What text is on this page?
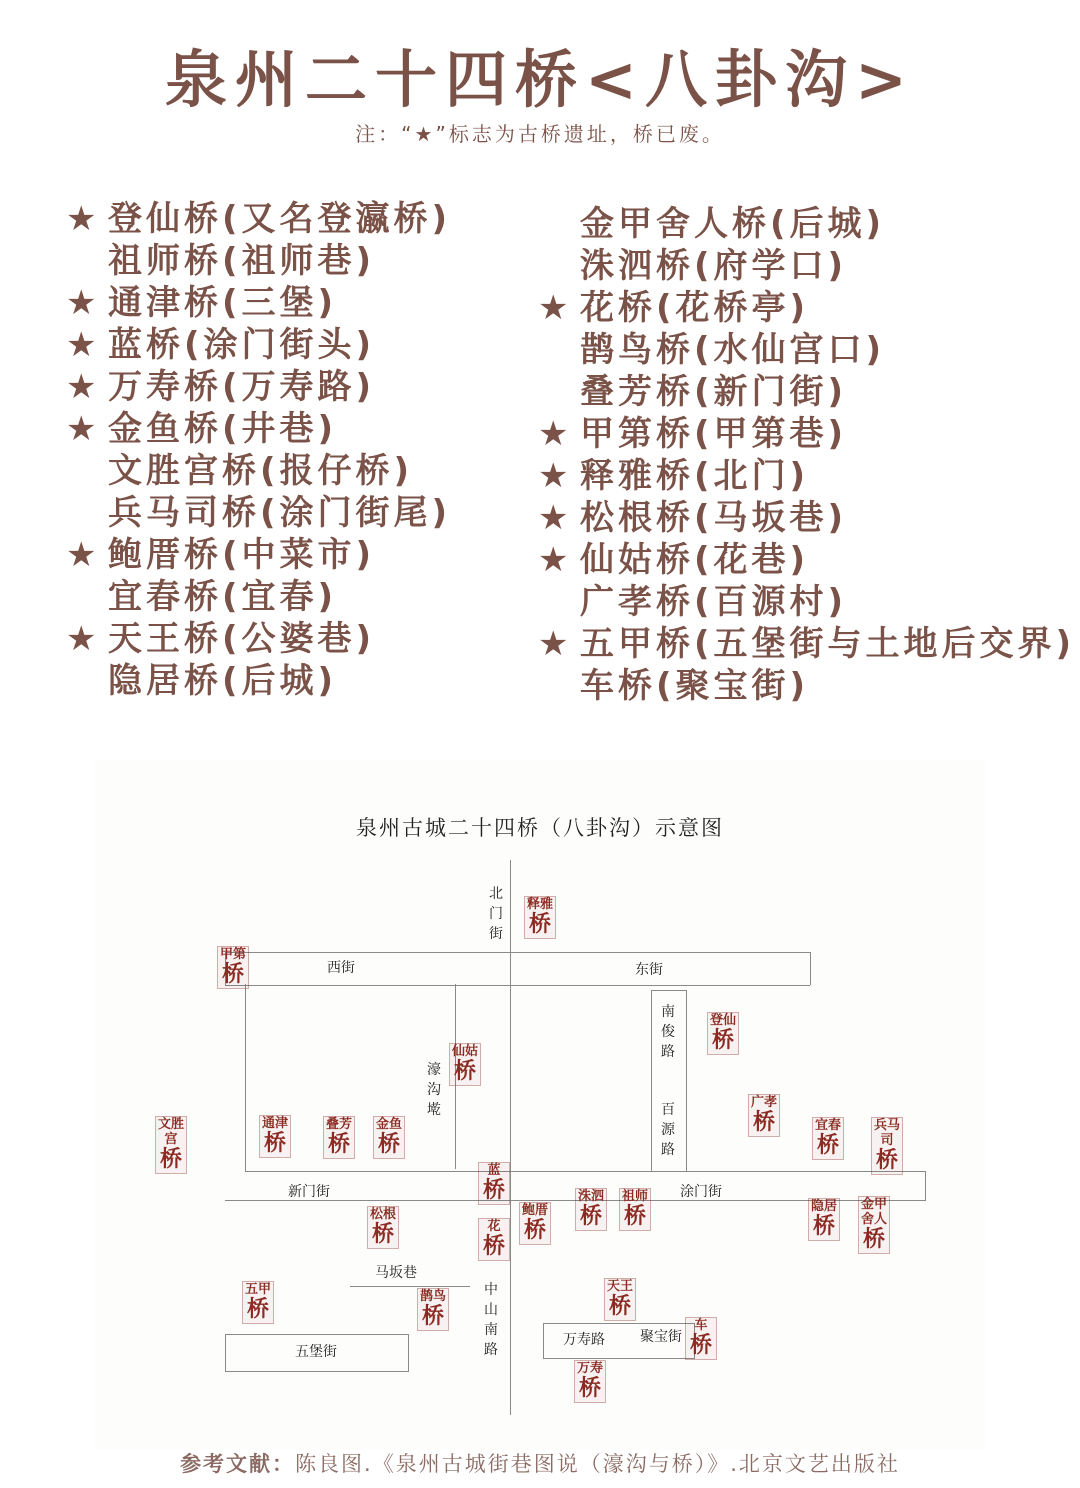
泉州二十四桥<八卦沟>
注：“★”标志为古桥遗址，桥已废。
★ 登仙桥(又名登瀛桥)
祖师桥(祖师巷)
★ 通津桥(三堡)
★ 蓝桥(涂门街头)
★ 万寿桥(万寿路)
★ 金鱼桥(井巷)
文胜宫桥(报仔桥)
兵马司桥(涂门街尾)
★ 鲍厝桥(中菜市)
宜春桥(宜春)
★ 天王桥(公婆巷)
隐居桥(后城)
金甲舍人桥(后城)
洙泗桥(府学口)
★ 花桥(花桥亭)
鹊鸟桥(水仙宫口)
叠芳桥(新门街)
★ 甲第桥(甲第巷)
★ 释雅桥(北门)
★ 松根桥(马坂巷)
★ 仙姑桥(花巷)
广孝桥(百源村)
★ 五甲桥(五堡街与土地后交界)
车桥(聚宝街)
泉州古城二十四桥（八卦沟）示意图
西街	东街
北门街
南俊路
百源路
濠沟墘
新门街	涂门街
马坂巷
中山南路
五堡街
万寿路	聚宝街
释雅
桥
甲第
桥
登仙
桥
仙姑
桥
广孝
桥
文胜宫
桥
通津
桥
叠芳
桥
金鱼
桥
宜春
桥
兵马司
桥
蓝
桥
花
桥
鲍厝
桥
洙泗
桥
祖师
桥
松根
桥
隐居
桥
金甲舍人
桥
五甲
桥
鹊鸟
桥
天王
桥
车
桥
万寿
桥
参考文献：陈良图.《泉州古城街巷图说（濠沟与桥）》.北京文艺出版社
